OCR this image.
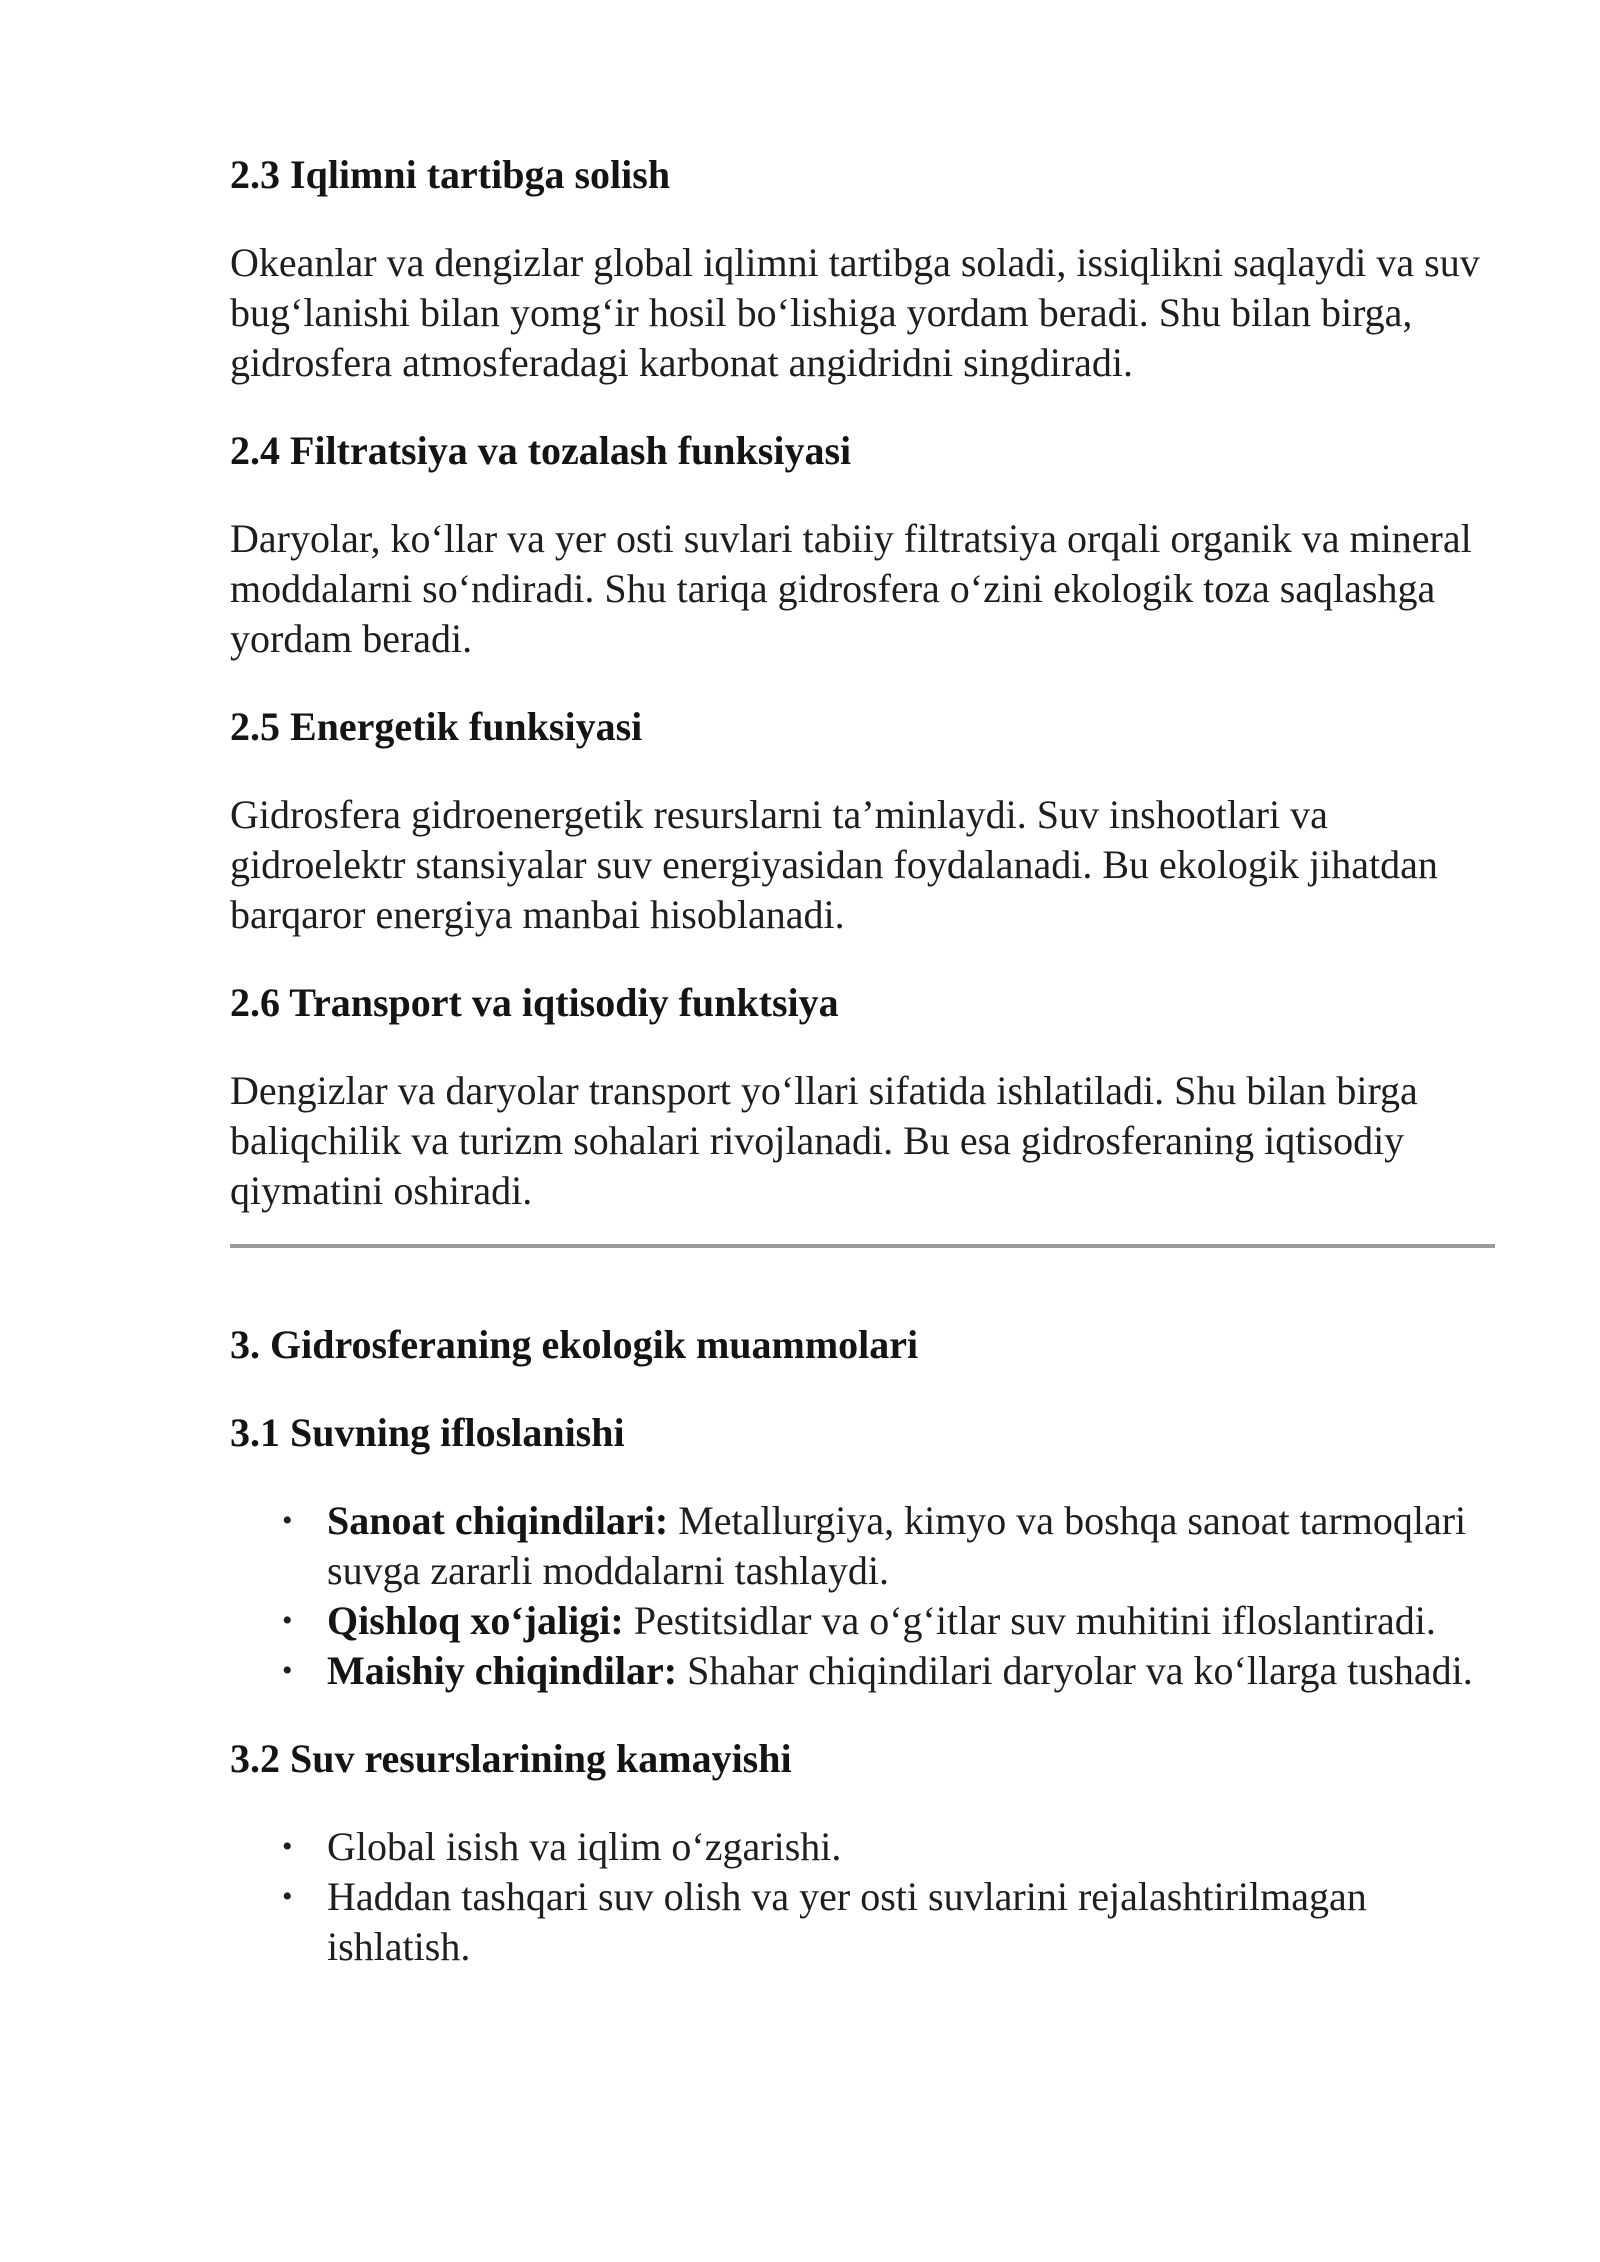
2.3 Iqlimni tartibga solish

Okeanlar va dengizlar global iqlimni tartibga soladi, issiqlikni saqlaydi va suv bug‘lanishi bilan yomg‘ir hosil bo‘lishiga yordam beradi. Shu bilan birga, gidrosfera atmosferadagi karbonat angidridni singdiradi.

2.4 Filtratsiya va tozalash funksiyasi

Daryolar, ko‘llar va yer osti suvlari tabiiy filtratsiya orqali organik va mineral moddalarni so‘ndiradi. Shu tariqa gidrosfera o‘zini ekologik toza saqlashga yordam beradi.

2.5 Energetik funksiyasi

Gidrosfera gidroenergetik resurslarni ta’minlaydi. Suv inshootlari va gidroelektr stansiyalar suv energiyasidan foydalanadi. Bu ekologik jihatdan barqaror energiya manbai hisoblanadi.

2.6 Transport va iqtisodiy funktsiya

Dengizlar va daryolar transport yo‘llari sifatida ishlatiladi. Shu bilan birga baliqchilik va turizm sohalari rivojlanadi. Bu esa gidrosferaning iqtisodiy qiymatini oshiradi.

3. Gidrosferaning ekologik muammolari
3.1 Suvning ifloslanishi
• Sanoat chiqindilari: Metallurgiya, kimyo va boshqa sanoat tarmoqlari suvga zararli moddalarni tashlaydi.
• Qishloq xo‘jaligi: Pestitsidlar va o‘g‘itlar suv muhitini ifloslantiradi.
• Maishiy chiqindilar: Shahar chiqindilari daryolar va ko‘llarga tushadi.
3.2 Suv resurslarining kamayishi
• Global isish va iqlim o‘zgarishi.
• Haddan tashqari suv olish va yer osti suvlarini rejalashtirilmagan ishlatish.
